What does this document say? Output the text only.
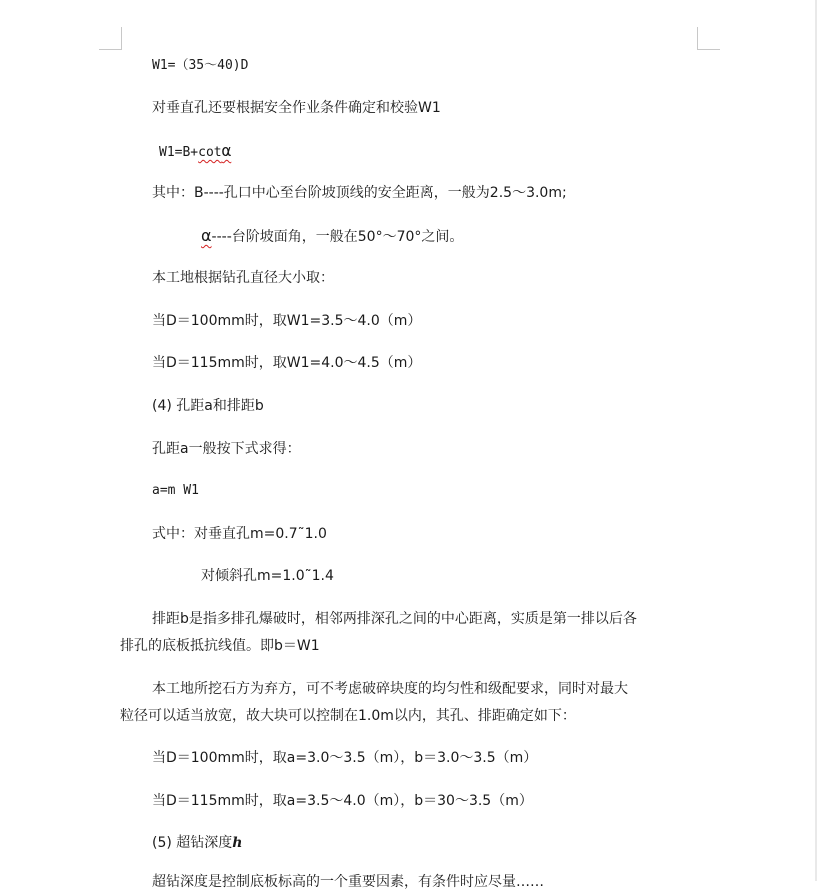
W1=（35～40)D
对垂直孔还要根据安全作业条件确定和校验W1
W1=B+cotα
其中：B----孔口中心至台阶坡顶线的安全距离，一般为2.5～3.0m;
α----台阶坡面角，一般在50°～70°之间。
本工地根据钻孔直径大小取：
当D＝100mm时，取W1=3.5～4.0（m）
当D＝115mm时，取W1=4.0～4.5（m）
(4) 孔距a和排距b
孔距a一般按下式求得：
a=m W1
式中：对垂直孔m=0.7˜1.0
对倾斜孔m=1.0˜1.4
排距b是指多排孔爆破时，相邻两排深孔之间的中心距离，实质是第一排以后各
排孔的底板抵抗线值。即b＝W1
本工地所挖石方为弃方，可不考虑破碎块度的均匀性和级配要求，同时对最大
粒径可以适当放宽，故大块可以控制在1.0m以内，其孔、排距确定如下：
当D＝100mm时，取a=3.0～3.5（m），b＝3.0～3.5（m）
当D＝115mm时，取a=3.5～4.0（m），b＝30～3.5（m）
(5) 超钻深度h
超钻深度是控制底板标高的一个重要因素，有条件时应尽量……
